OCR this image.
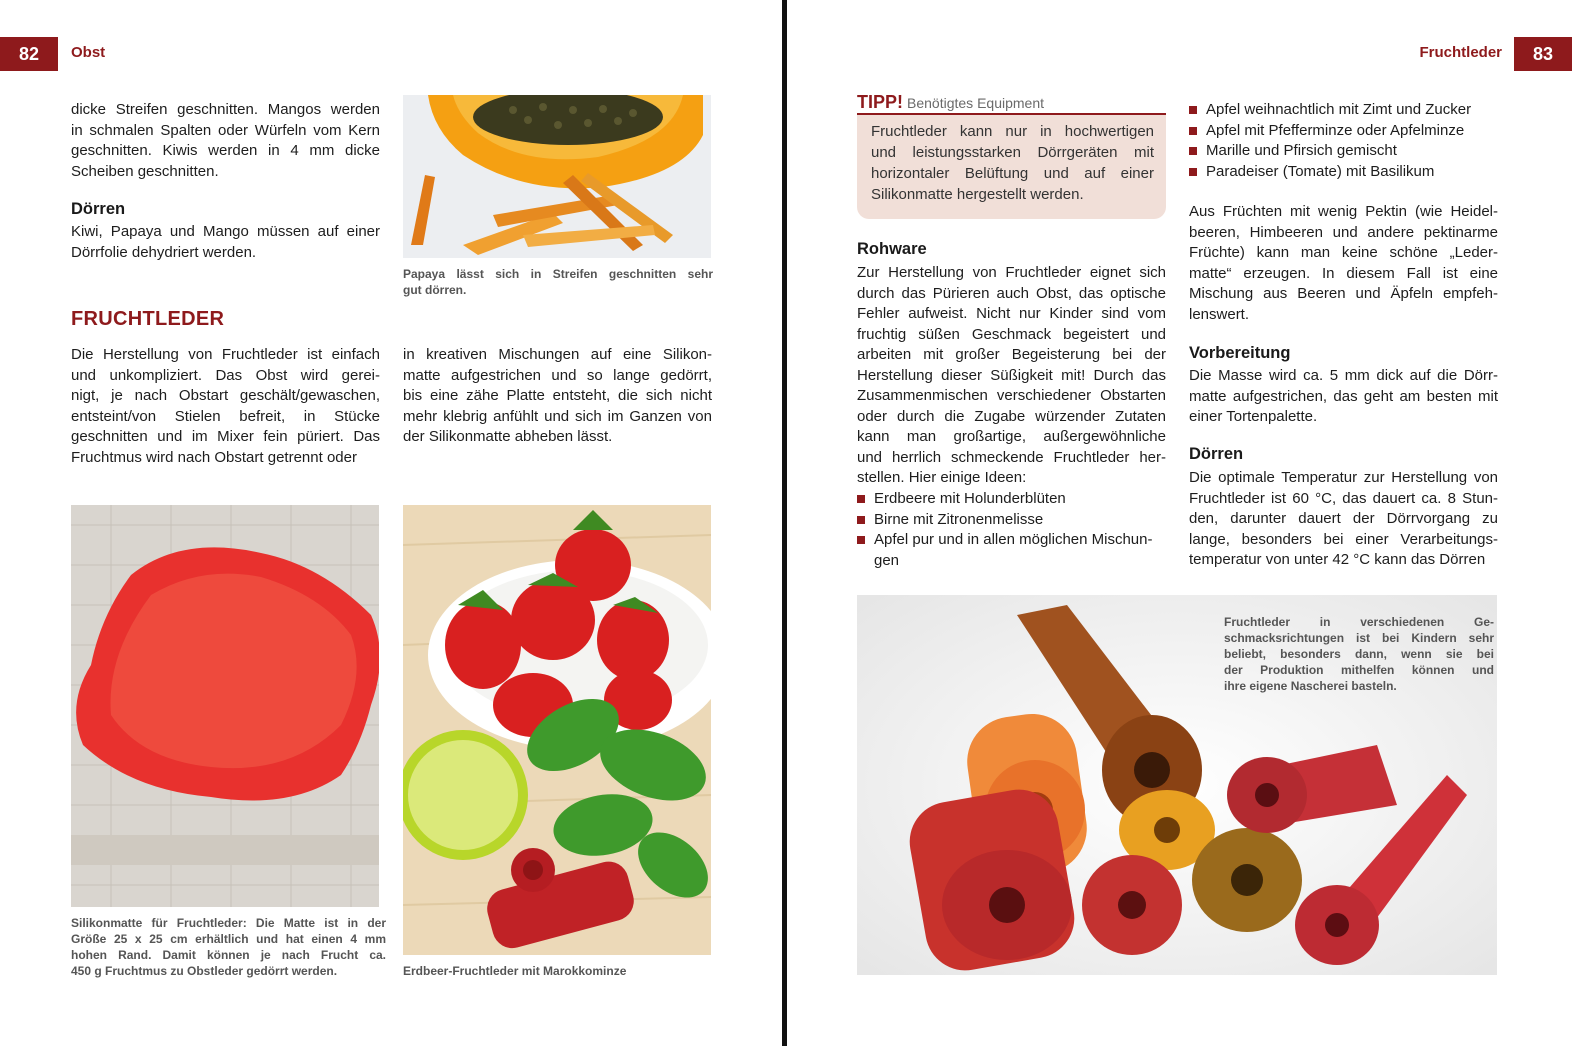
82	Obst
dicke Streifen geschnitten. Mangos werden
in schmalen Spalten oder Würfeln vom Kern
geschnitten. Kiwis werden in 4 mm dicke
Scheiben geschnitten.
Dörren
Kiwi, Papaya und Mango müssen auf einer
Dörrfolie dehydriert werden.
Papaya lässt sich in Streifen geschnitten sehr
gut dörren.
FRUCHTLEDER
Die Herstellung von Fruchtleder ist einfach
und unkompliziert. Das Obst wird gerei-
nigt, je nach Obstart geschält/gewaschen,
entsteint/von Stielen befreit, in Stücke
geschnitten und im Mixer fein püriert. Das
Fruchtmus wird nach Obstart getrennt oder
in kreativen Mischungen auf eine Silikon-
matte aufgestrichen und so lange gedörrt,
bis eine zähe Platte entsteht, die sich nicht
mehr klebrig anfühlt und sich im Ganzen von
der Silikonmatte abheben lässt.
Silikonmatte für Fruchtleder: Die Matte ist in der
Größe 25 x 25 cm erhältlich und hat einen 4 mm
hohen Rand. Damit können je nach Frucht ca.
450 g Fruchtmus zu Obstleder gedörrt werden.	Erdbeer-Fruchtleder mit Marokkominze
83
Fruchtleder
TIPP! Benötigtes Equipment
Fruchtleder kann nur in hochwertigen
und leistungsstarken Dörrgeräten mit
horizontaler Belüftung und auf einer
Silikonmatte hergestellt werden.
Rohware
Zur Herstellung von Fruchtleder eignet sich
durch das Pürieren auch Obst, das optische
Fehler aufweist. Nicht nur Kinder sind vom
fruchtig süßen Geschmack begeistert und
arbeiten mit großer Begeisterung bei der
Herstellung dieser Süßigkeit mit! Durch das
Zusammenmischen verschiedener Obstarten
oder durch die Zugabe würzender Zutaten
kann man großartige, außergewöhnliche
und herrlich schmeckende Fruchtleder her-
stellen. Hier einige Ideen:
Erdbeere mit Holunderblüten
Birne mit Zitronenmelisse
Apfel pur und in allen möglichen Mischun-
gen
Apfel weihnachtlich mit Zimt und Zucker
Apfel mit Pfefferminze oder Apfelminze
Marille und Pfirsich gemischt
Paradeiser (Tomate) mit Basilikum
Aus Früchten mit wenig Pektin (wie Heidel-
beeren, Himbeeren und andere pektinarme
Früchte) kann man keine schöne „Leder-
matte“ erzeugen. In diesem Fall ist eine
Mischung aus Beeren und Äpfeln empfeh-
lenswert.
Vorbereitung
Die Masse wird ca. 5 mm dick auf die Dörr-
matte aufgestrichen, das geht am besten mit
einer Tortenpalette.
Dörren
Die optimale Temperatur zur Herstellung von
Fruchtleder ist 60 °C, das dauert ca. 8 Stun-
den, darunter dauert der Dörrvorgang zu
lange, besonders bei einer Verarbeitungs-
temperatur von unter 42 °C kann das Dörren
Fruchtleder in verschiedenen Ge-
schmacksrichtungen ist bei Kindern sehr
beliebt, besonders dann, wenn sie bei
der Produktion mithelfen können und
ihre eigene Nascherei basteln.
